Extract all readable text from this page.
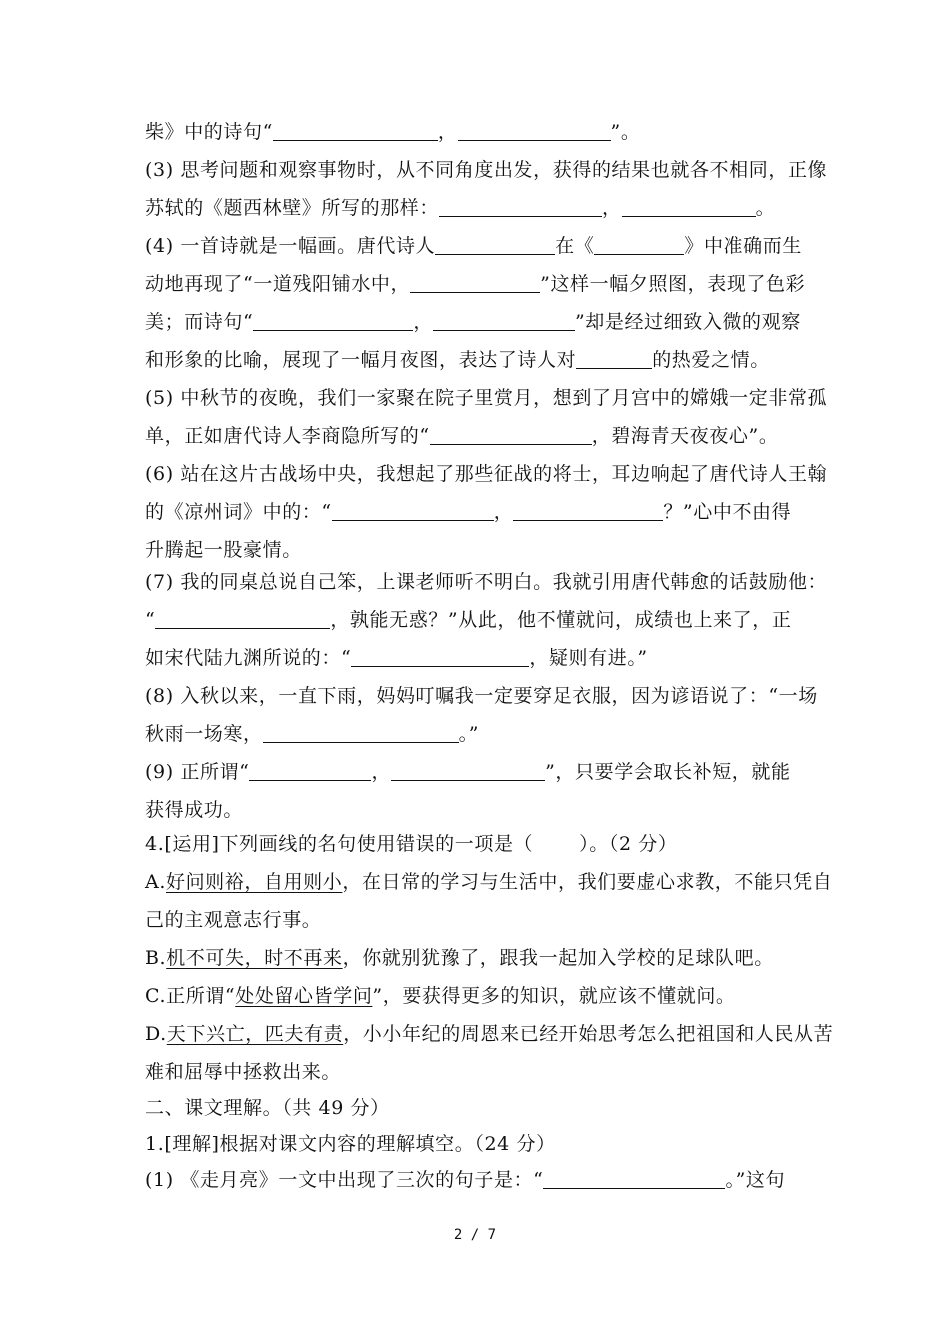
柴》中的诗句“	，	”。
(3) 思考问题和观察事物时，从不同角度出发，获得的结果也就各不相同，正像
苏轼的《题西林壁》所写的那样：	，	。
(4) 一首诗就是一幅画。唐代诗人	在《	》中准确而生
动地再现了“一道残阳铺水中，	”这样一幅夕照图，表现了色彩
美；而诗句“	，	”却是经过细致入微的观察
和形象的比喻，展现了一幅月夜图，表达了诗人对	的热爱之情。
(5) 中秋节的夜晚，我们一家聚在院子里赏月，想到了月宫中的嫦娥一定非常孤
单，正如唐代诗人李商隐所写的“	，碧海青天夜夜心”。
(6) 站在这片古战场中央，我想起了那些征战的将士，耳边响起了唐代诗人王翰
的《凉州词》中的：“	，	？”心中不由得
升腾起一股豪情。
(7) 我的同桌总说自己笨，上课老师听不明白。我就引用唐代韩愈的话鼓励他：
“	，孰能无惑？”从此，他不懂就问，成绩也上来了，正
如宋代陆九渊所说的：“	，疑则有进。”
(8) 入秋以来，一直下雨，妈妈叮嘱我一定要穿足衣服，因为谚语说了：“一场
秋雨一场寒，	。”
(9) 正所谓“	，	”，只要学会取长补短，就能
获得成功。
4.[运用]下列画线的名句使用错误的一项是（ ）。（2 分）
A.好问则裕，自用则小，在日常的学习与生活中，我们要虚心求教，不能只凭自
己的主观意志行事。
B.机不可失，时不再来，你就别犹豫了，跟我一起加入学校的足球队吧。
C.正所谓“处处留心皆学问”，要获得更多的知识，就应该不懂就问。
D.天下兴亡，匹夫有责，小小年纪的周恩来已经开始思考怎么把祖国和人民从苦
难和屈辱中拯救出来。
二、课文理解。（共 49 分）
1.[理解]根据对课文内容的理解填空。（24 分）
(1) 《走月亮》一文中出现了三次的句子是：“	。”这句
2 / 7
